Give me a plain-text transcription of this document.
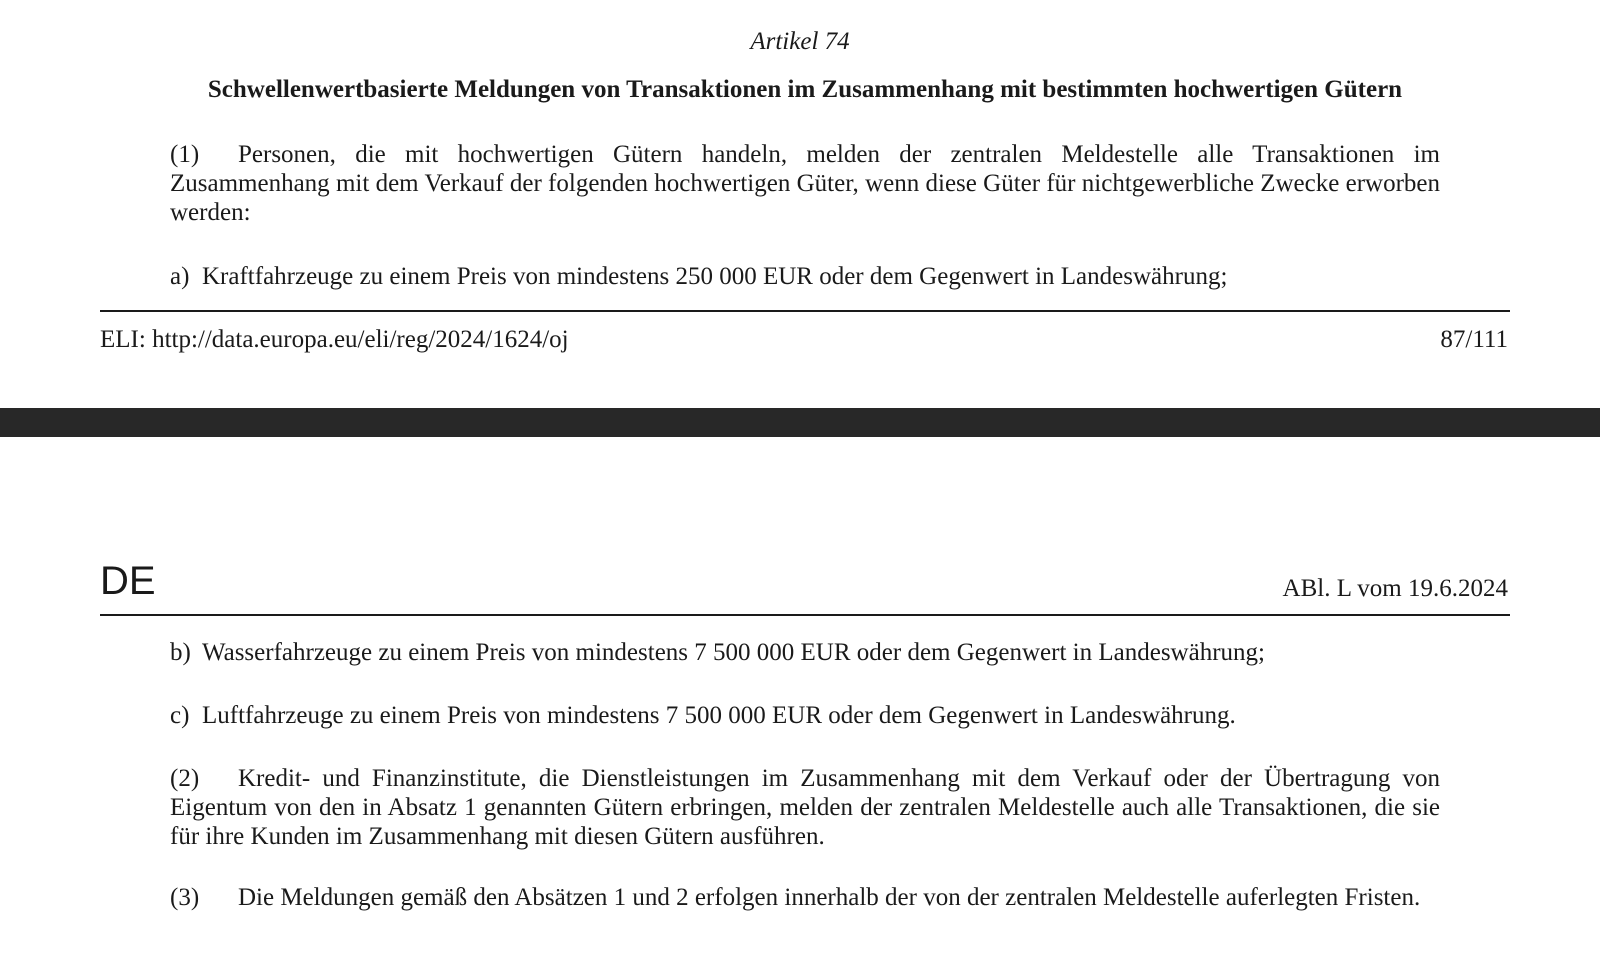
Artikel 74
Schwellenwertbasierte Meldungen von Transaktionen im Zusammenhang mit bestimmten hochwertigen Gütern
(1) Personen, die mit hochwertigen Gütern handeln, melden der zentralen Meldestelle alle Transaktionen im Zusammenhang mit dem Verkauf der folgenden hochwertigen Güter, wenn diese Güter für nichtgewerbliche Zwecke erworben werden:
a) Kraftfahrzeuge zu einem Preis von mindestens 250 000 EUR oder dem Gegenwert in Landeswährung;
ELI: http://data.europa.eu/eli/reg/2024/1624/oj	87/111
DE	ABl. L vom 19.6.2024
b) Wasserfahrzeuge zu einem Preis von mindestens 7 500 000 EUR oder dem Gegenwert in Landeswährung;
c) Luftfahrzeuge zu einem Preis von mindestens 7 500 000 EUR oder dem Gegenwert in Landeswährung.
(2) Kredit- und Finanzinstitute, die Dienstleistungen im Zusammenhang mit dem Verkauf oder der Übertragung von Eigentum von den in Absatz 1 genannten Gütern erbringen, melden der zentralen Meldestelle auch alle Transaktionen, die sie für ihre Kunden im Zusammenhang mit diesen Gütern ausführen.
(3) Die Meldungen gemäß den Absätzen 1 und 2 erfolgen innerhalb der von der zentralen Meldestelle auferlegten Fristen.
